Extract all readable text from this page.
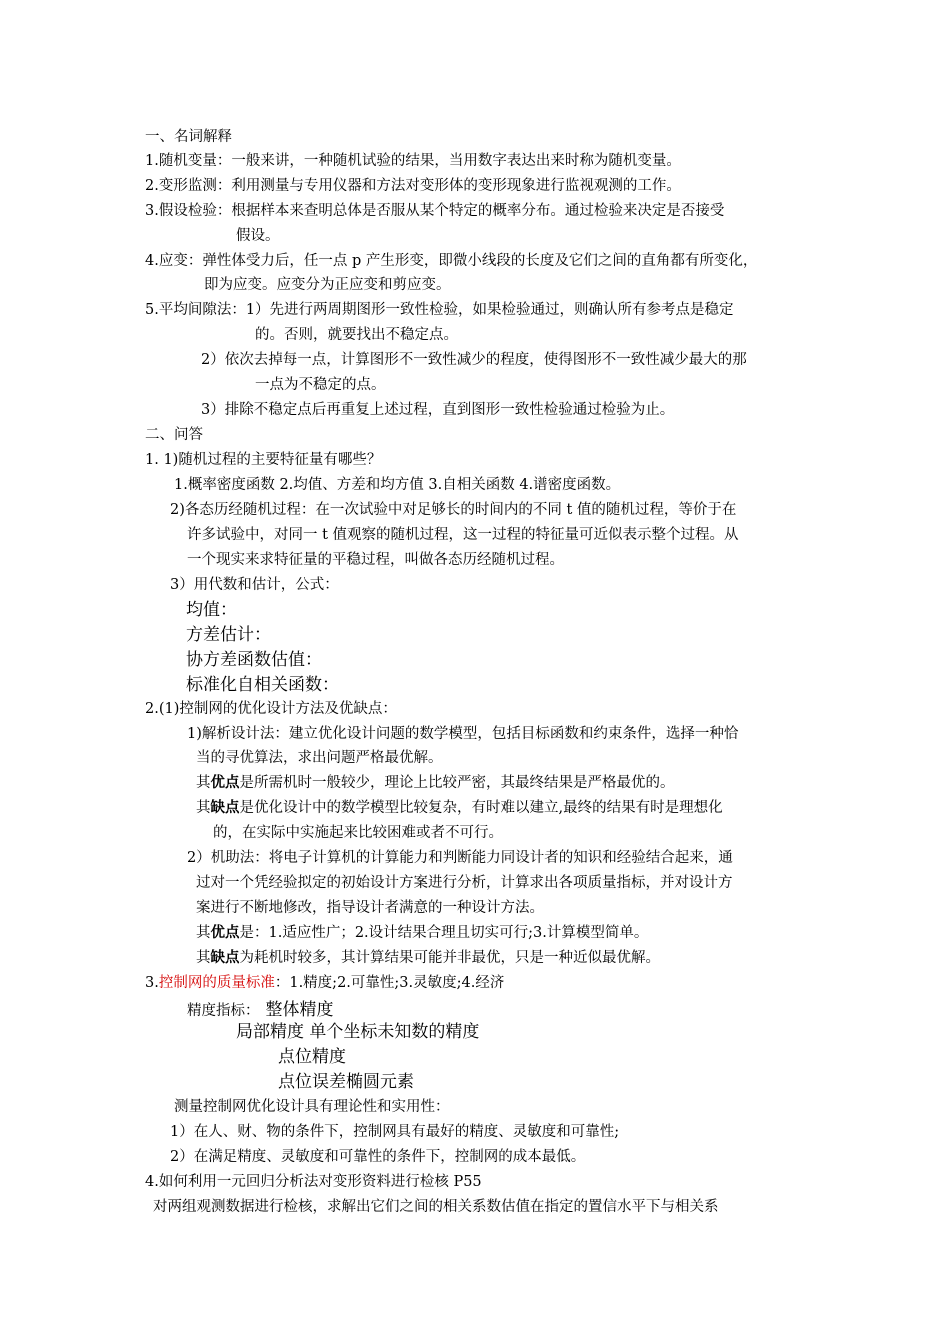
一、名词解释
1.随机变量：一般来讲，一种随机试验的结果，当用数字表达出来时称为随机变量。
2.变形监测：利用测量与专用仪器和方法对变形体的变形现象进行监视观测的工作。
3.假设检验：根据样本来查明总体是否服从某个特定的概率分布。通过检验来决定是否接受
假设。
4.应变：弹性体受力后，任一点 p 产生形变，即微小线段的长度及它们之间的直角都有所变化，
即为应变。应变分为正应变和剪应变。
5.平均间隙法：1）先进行两周期图形一致性检验，如果检验通过，则确认所有参考点是稳定
的。否则，就要找出不稳定点。
2）依次去掉每一点，计算图形不一致性减少的程度，使得图形不一致性减少最大的那
一点为不稳定的点。
3）排除不稳定点后再重复上述过程，直到图形一致性检验通过检验为止。
二、问答
1. 1)随机过程的主要特征量有哪些？
1.概率密度函数 2.均值、方差和均方值 3.自相关函数 4.谱密度函数。
2)各态历经随机过程：在一次试验中对足够长的时间内的不同 t 值的随机过程，等价于在
许多试验中，对同一 t 值观察的随机过程，这一过程的特征量可近似表示整个过程。从
一个现实来求特征量的平稳过程，叫做各态历经随机过程。
3）用代数和估计，公式：
均值：
方差估计：
协方差函数估值：
标准化自相关函数：
2.(1)控制网的优化设计方法及优缺点：
1)解析设计法：建立优化设计问题的数学模型，包括目标函数和约束条件，选择一种恰
当的寻优算法，求出问题严格最优解。
其优点是所需机时一般较少，理论上比较严密，其最终结果是严格最优的。
其缺点是优化设计中的数学模型比较复杂，有时难以建立,最终的结果有时是理想化
的，在实际中实施起来比较困难或者不可行。
2）机助法：将电子计算机的计算能力和判断能力同设计者的知识和经验结合起来，通
过对一个凭经验拟定的初始设计方案进行分析，计算求出各项质量指标，并对设计方
案进行不断地修改，指导设计者满意的一种设计方法。
其优点是：1.适应性广；2.设计结果合理且切实可行;3.计算模型简单。
其缺点为耗机时较多，其计算结果可能并非最优，只是一种近似最优解。
3.控制网的质量标准：1.精度;2.可靠性;3.灵敏度;4.经济
精度指标： 整体精度
局部精度 单个坐标未知数的精度
点位精度
点位误差椭圆元素
测量控制网优化设计具有理论性和实用性：
1）在人、财、物的条件下，控制网具有最好的精度、灵敏度和可靠性;
2）在满足精度、灵敏度和可靠性的条件下，控制网的成本最低。
4.如何利用一元回归分析法对变形资料进行检核 P55
对两组观测数据进行检核，求解出它们之间的相关系数估值在指定的置信水平下与相关系
